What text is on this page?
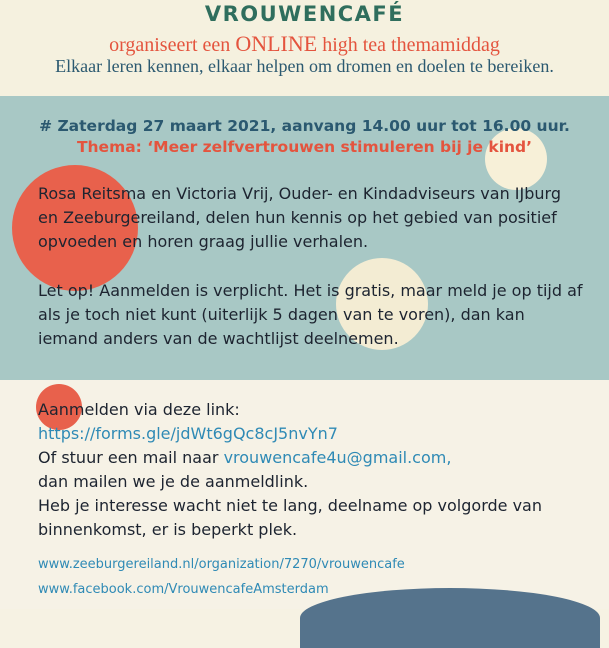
VROUWENCAFÉ
organiseert een ONLINE high tea themamiddag
Elkaar leren kennen, elkaar helpen om dromen en doelen te bereiken.
# Zaterdag 27 maart 2021, aanvang 14.00 uur tot 16.00 uur.
Thema: ‘Meer zelfvertrouwen stimuleren bij je kind’
Rosa Reitsma en Victoria Vrij, Ouder- en Kindadviseurs van IJburg
en Zeeburgereiland, delen hun kennis op het gebied van positief
opvoeden en horen graag jullie verhalen.
Let op! Aanmelden is verplicht. Het is gratis, maar meld je op tijd af
als je toch niet kunt (uiterlijk 5 dagen van te voren), dan kan
iemand anders van de wachtlijst deelnemen.
Aanmelden via deze link:
https://forms.gle/jdWt6gQc8cJ5nvYn7
Of stuur een mail naar vrouwencafe4u@gmail.com,
dan mailen we je de aanmeldlink.
Heb je interesse wacht niet te lang, deelname op volgorde van
binnenkomst, er is beperkt plek.
www.zeeburgereiland.nl/organization/7270/vrouwencafe
www.facebook.com/VrouwencafeAmsterdam
